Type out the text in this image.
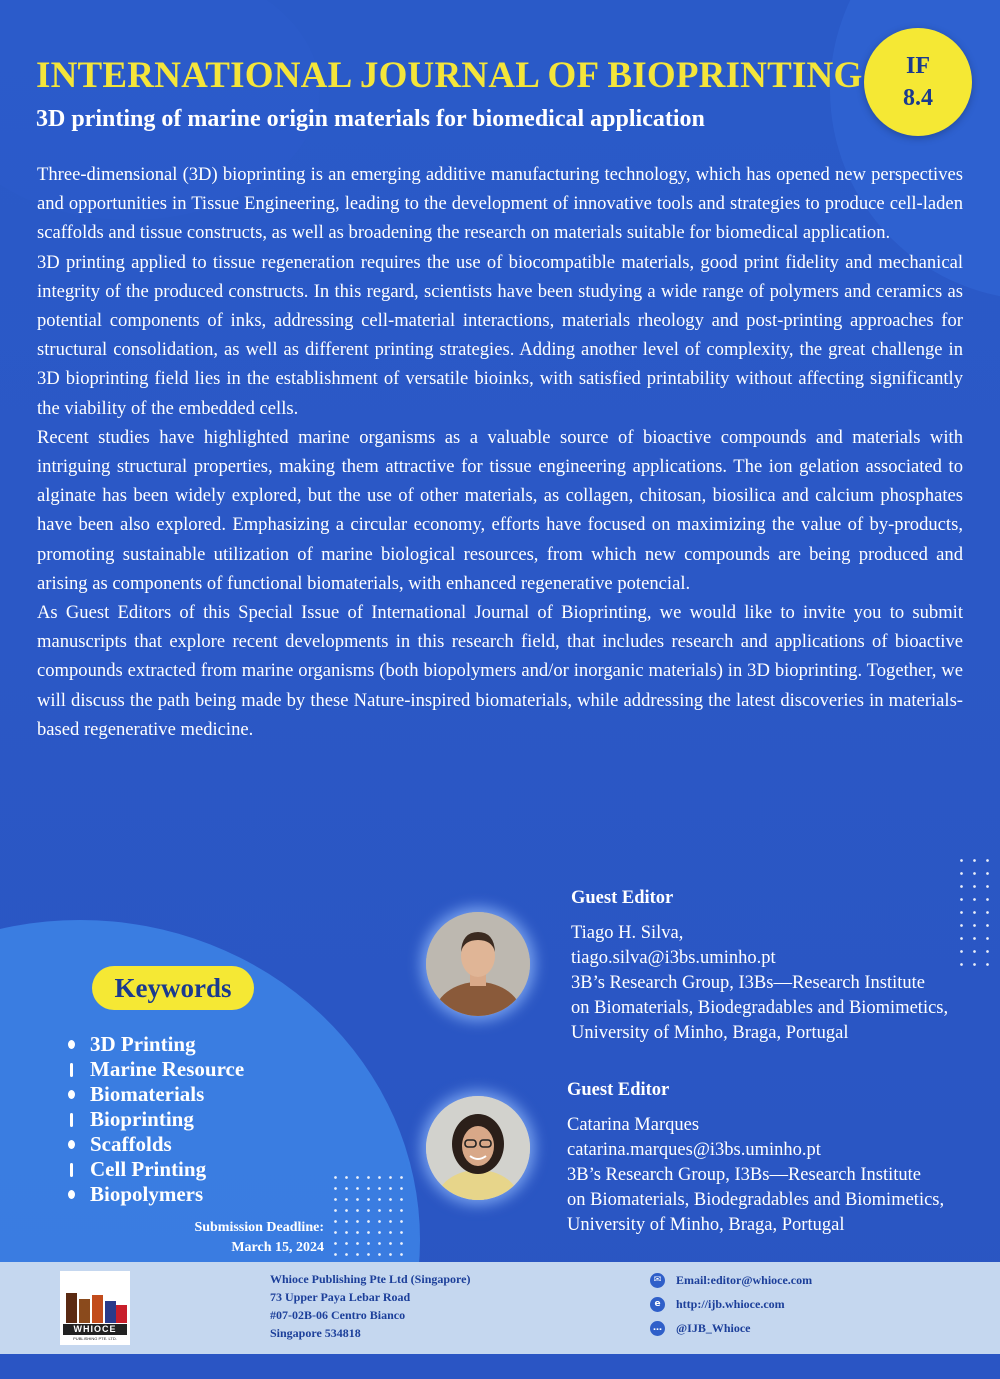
INTERNATIONAL JOURNAL OF BIOPRINTING
3D printing of marine origin materials for biomedical application
IF
8.4

Three-dimensional (3D) bioprinting is an emerging additive manufacturing technology, which has opened new perspectives and opportunities in Tissue Engineering, leading to the development of innovative tools and strategies to produce cell-laden scaffolds and tissue constructs, as well as broadening the research on materials suitable for biomedical application.

3D printing applied to tissue regeneration requires the use of biocompatible materials, good print fidelity and mechanical integrity of the produced constructs. In this regard, scientists have been studying a wide range of polymers and ceramics as potential components of inks, addressing cell-material interactions, materials rheology and post-printing approaches for structural consolidation, as well as different printing strategies. Adding another level of complexity, the great challenge in 3D bioprinting field lies in the establishment of versatile bioinks, with satisfied printability without affecting significantly the viability of the embedded cells.

Recent studies have highlighted marine organisms as a valuable source of bioactive compounds and materials with intriguing structural properties, making them attractive for tissue engineering applications. The ion gelation associated to alginate has been widely explored, but the use of other materials, as collagen, chitosan, biosilica and calcium phosphates have been also explored. Emphasizing a circular economy, efforts have focused on maximizing the value of by-products, promoting sustainable utilization of marine biological resources, from which new compounds are being produced and arising as components of functional biomaterials, with enhanced regenerative potencial.

As Guest Editors of this Special Issue of International Journal of Bioprinting, we would like to invite you to submit manuscripts that explore recent developments in this research field, that includes research and applications of bioactive compounds extracted from marine organisms (both biopolymers and/or inorganic materials) in 3D bioprinting. Together, we will discuss the path being made by these Nature-inspired biomaterials, while addressing the latest discoveries in materials-based regenerative medicine.

Keywords
3D Printing
Marine Resource
Biomaterials
Bioprinting
Scaffolds
Cell Printing
Biopolymers
Submission Deadline:
March 15, 2024
Guest Editor
Tiago H. Silva,
tiago.silva@i3bs.uminho.pt
3B’s Research Group, I3Bs—Research Institute
on Biomaterials, Biodegradables and Biomimetics,
University of Minho, Braga, Portugal
Guest Editor
Catarina Marques
catarina.marques@i3bs.uminho.pt
3B’s Research Group, I3Bs—Research Institute
on Biomaterials, Biodegradables and Biomimetics,
University of Minho, Braga, Portugal
WHIOCE
PUBLISHING PTE. LTD.
Whioce Publishing Pte Ltd (Singapore)
73 Upper Paya Lebar Road
#07-02B-06 Centro Bianco
Singapore 534818
✉	Email:editor@whioce.com
e	http://ijb.whioce.com
… @IJB_Whioce
